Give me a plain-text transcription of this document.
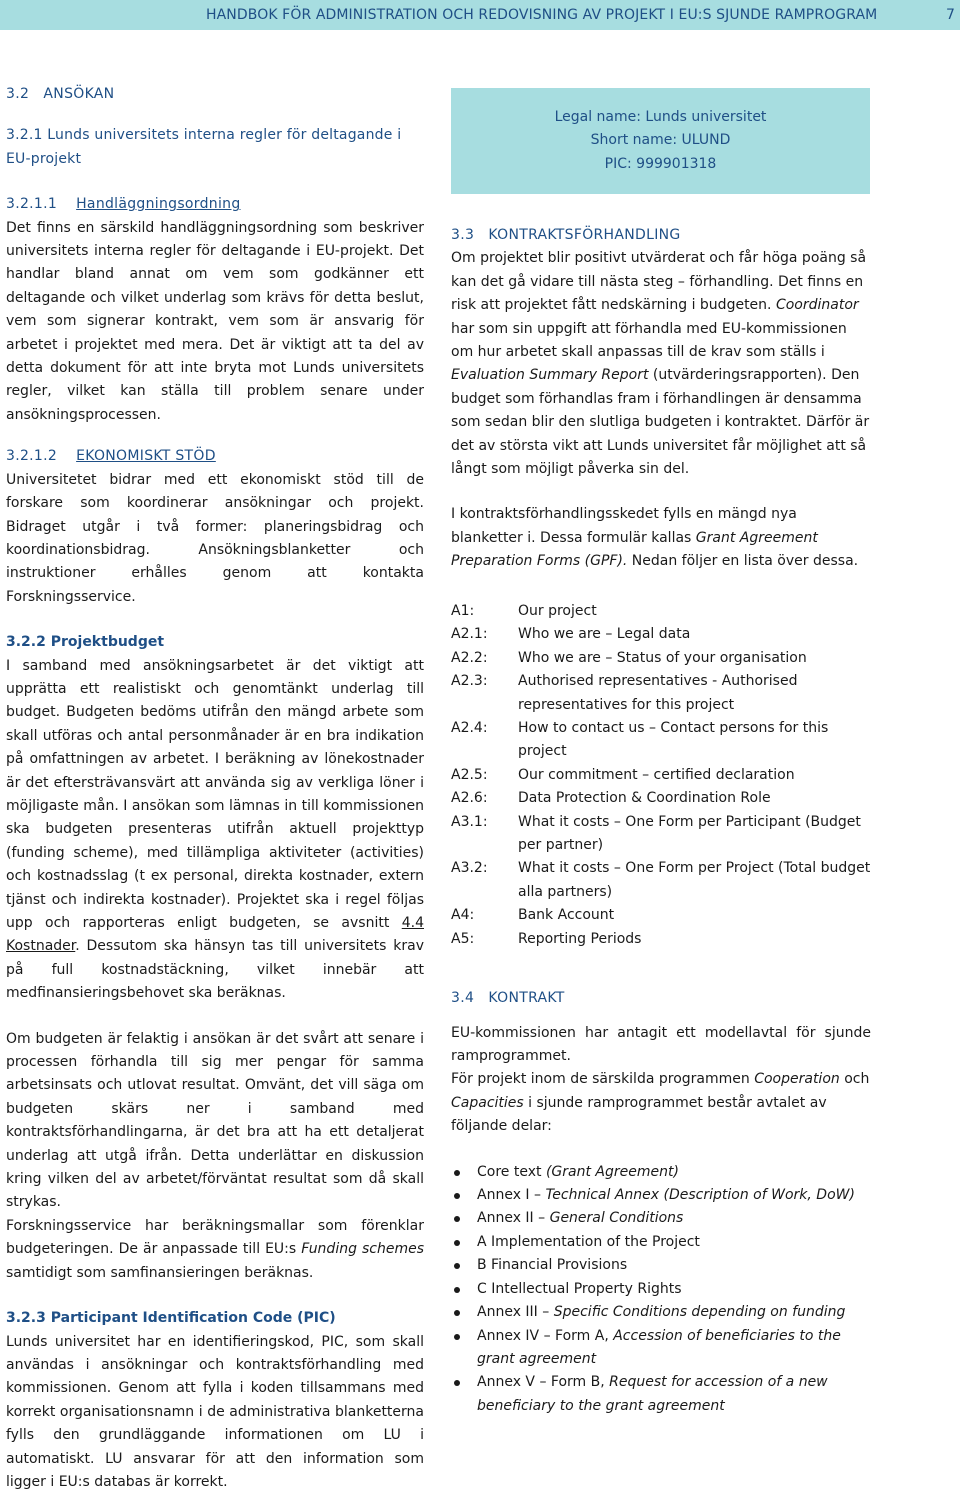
HANDBOK FÖR ADMINISTRATION OCH REDOVISNING AV PROJEKT I EU:S SJUNDE RAMPROGRAM	7
3.2   ANSÖKAN
3.2.1 Lunds universitets interna regler för deltagande i EU-projekt
3.2.1.1 Handläggningsordning

Det finns en särskild handläggningsordning som beskriver universitets interna regler för deltagande i EU-projekt. Det handlar bland annat om vem som godkänner ett deltagande och vilket underlag som krävs för detta beslut, vem som signerar kontrakt, vem som är ansvarig för arbetet i projektet med mera. Det är viktigt att ta del av detta dokument för att inte bryta mot Lunds universitets regler, vilket kan ställa till problem senare under ansökningsprocessen.

3.2.1.2 EKONOMISKT STÖD

Universitetet bidrar med ett ekonomiskt stöd till de forskare som koordinerar ansökningar och projekt. Bidraget utgår i två former: planeringsbidrag och koordinationsbidrag. Ansökningsblanketter och instruktioner erhålles genom att kontakta Forskningsservice.

3.2.2 Projektbudget

I samband med ansökningsarbetet är det viktigt att upprätta ett realistiskt och genomtänkt underlag till budget. Budgeten bedöms utifrån den mängd arbete som skall utföras och antal personmånader är en bra indikation på omfattningen av arbetet. I beräkning av lönekostnader är det eftersträvansvärt att använda sig av verkliga löner i möjligaste mån. I ansökan som lämnas in till kommissionen ska budgeten presenteras utifrån aktuell projekttyp (funding scheme), med tillämpliga aktiviteter (activities) och kostnadsslag (t ex personal, direkta kostnader, extern tjänst och indirekta kostnader). Projektet ska i regel följas upp och rapporteras enligt budgeten, se avsnitt 4.4 Kostnader. Dessutom ska hänsyn tas till universitets krav på full kostnadstäckning, vilket innebär att medfinansieringsbehovet ska beräknas.

Om budgeten är felaktig i ansökan är det svårt att senare i processen förhandla till sig mer pengar för samma arbetsinsats och utlovat resultat. Omvänt, det vill säga om budgeten skärs ner i samband med kontraktsförhandlingarna, är det bra att ha ett detaljerat underlag att utgå ifrån. Detta underlättar en diskussion kring vilken del av arbetet/förväntat resultat som då skall strykas.

Forskningsservice har beräkningsmallar som förenklar budgeteringen. De är anpassade till EU:s Funding schemes samtidigt som samfinansieringen beräknas.

3.2.3 Participant Identification Code (PIC)

Lunds universitet har en identifieringskod, PIC, som skall användas i ansökningar och kontraktsförhandling med kommissionen. Genom att fylla i koden tillsammans med korrekt organisationsnamn i de administrativa blanketterna fylls den grundläggande informationen om LU i automatiskt. LU ansvarar för att den information som ligger i EU:s databas är korrekt.

Legal name: Lunds universitet
Short name: ULUND
PIC: 999901318
3.3   KONTRAKTSFÖRHANDLING

Om projektet blir positivt utvärderat och får höga poäng så kan det gå vidare till nästa steg – förhandling. Det finns en risk att projektet fått nedskärning i budgeten. Coordinator har som sin uppgift att förhandla med EU-kommissionen om hur arbetet skall anpassas till de krav som ställs i Evaluation Summary Report (utvärderingsrapporten). Den budget som förhandlas fram i förhandlingen är densamma som sedan blir den slutliga budgeten i kontraktet. Därför är det av största vikt att Lunds universitet får möjlighet att så långt som möjligt påverka sin del.

I kontraktsförhandlingsskedet fylls en mängd nya blanketter i. Dessa formulär kallas Grant Agreement Preparation Forms (GPF). Nedan följer en lista över dessa.

A1:	Our project
A2.1:	Who we are – Legal data
A2.2:	Who we are – Status of your organisation
A2.3:	Authorised representatives - Authorised representatives for this project
A2.4:	How to contact us – Contact persons for this project
A2.5:	Our commitment – certified declaration
A2.6:	Data Protection & Coordination Role
A3.1:	What it costs – One Form per Participant (Budget per partner)
A3.2:	What it costs – One Form per Project (Total budget alla partners)
A4:	Bank Account
A5:	Reporting Periods
3.4   KONTRAKT

EU-kommissionen har antagit ett modellavtal för sjunde ramprogrammet.

För projekt inom de särskilda programmen Cooperation och Capacities i sjunde ramprogrammet består avtalet av följande delar:

Core text (Grant Agreement)
Annex I – Technical Annex (Description of Work, DoW)
Annex II – General Conditions
A Implementation of the Project
B Financial Provisions
C Intellectual Property Rights
Annex III – Specific Conditions depending on funding
Annex IV – Form A, Accession of beneficiaries to the grant agreement
Annex V – Form B, Request for accession of a new beneficiary to the grant agreement
